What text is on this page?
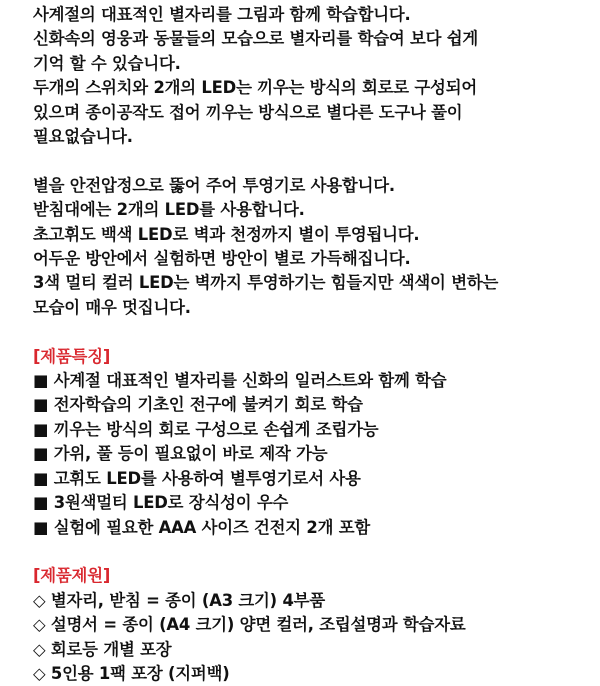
사계절의 대표적인 별자리를 그림과 함께 학습합니다.
신화속의 영웅과 동물들의 모습으로 별자리를 학습여 보다 쉽게
기억 할 수 있습니다.
두개의 스위치와 2개의 LED는 끼우는 방식의 회로로 구성되어
있으며 종이공작도 접어 끼우는 방식으로 별다른 도구나 풀이
필요없습니다.
별을 안전압정으로 뚫어 주어 투영기로 사용합니다.
받침대에는 2개의 LED를 사용합니다.
초고휘도 백색 LED로 벽과 천정까지 별이 투영됩니다.
어두운 방안에서 실험하면 방안이 별로 가득해집니다.
3색 멀티 컬러 LED는 벽까지 투영하기는 힘들지만 색색이 변하는
모습이 매우 멋집니다.
[제품특징]
■ 사계절 대표적인 별자리를 신화의 일러스트와 함께 학습
■ 전자학습의 기초인 전구에 불켜기 회로 학습
■ 끼우는 방식의 회로 구성으로 손쉽게 조립가능
■ 가위, 풀 등이 필요없이 바로 제작 가능
■ 고휘도 LED를 사용하여 별투영기로서 사용
■ 3원색멀티 LED로 장식성이 우수
■ 실험에 필요한 AAA 사이즈 건전지 2개 포함
[제품제원]
◇ 별자리, 받침 = 종이 (A3 크기) 4부품
◇ 설명서 = 종이 (A4 크기) 양면 컬러, 조립설명과 학습자료
◇ 회로등 개별 포장
◇ 5인용 1팩 포장 (지퍼백)
